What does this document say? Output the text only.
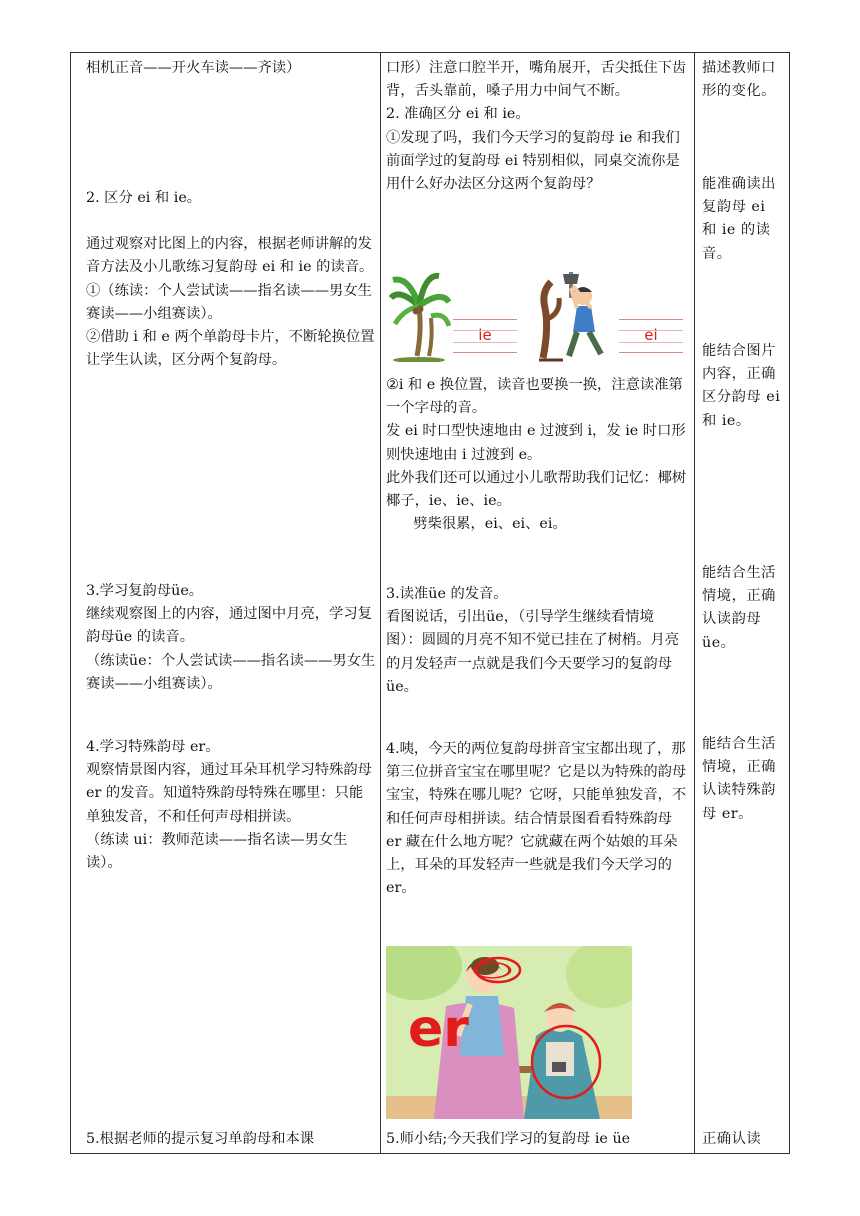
相机正音——开火车读——齐读）

2. 区分 ei 和 ie。

通过观察对比图上的内容，根据老师讲解的发音方法及小儿歌练习复韵母 ei 和 ie 的读音。

①（练读：个人尝试读——指名读——男女生赛读——小组赛读）。

②借助 i 和 e 两个单韵母卡片，不断轮换位置让学生认读，区分两个复韵母。

3.学习复韵母üe。

继续观察图上的内容，通过图中月亮，学习复韵母üe 的读音。

（练读üe：个人尝试读——指名读——男女生赛读——小组赛读）。

4.学习特殊韵母 er。

观察情景图内容，通过耳朵耳机学习特殊韵母 er 的发音。知道特殊韵母特殊在哪里：只能单独发音，不和任何声母相拼读。

（练读 ui：教师范读——指名读—男女生读）。

5.根据老师的提示复习单韵母和本课

口形）注意口腔半开，嘴角展开，舌尖抵住下齿背，舌头靠前，嗓子用力中间气不断。

2. 准确区分 ei 和 ie。

①发现了吗，我们今天学习的复韵母 ie 和我们前面学过的复韵母 ei 特别相似，同桌交流你是用什么好办法区分这两个复韵母？

ie	ei

②i 和 e 换位置，读音也要换一换，注意读准第一个字母的音。

发 ei 时口型快速地由 e 过渡到 i，发 ie 时口形则快速地由 i 过渡到 e。

此外我们还可以通过小儿歌帮助我们记忆：椰树椰子，ie、ie、ie。

劈柴很累，ei、ei、ei。

3.读准üe 的发音。

看图说话，引出üe，（引导学生继续看情境图）：圆圆的月亮不知不觉已挂在了树梢。月亮的月发轻声一点就是我们今天要学习的复韵母üe。

4.咦，今天的两位复韵母拼音宝宝都出现了，那第三位拼音宝宝在哪里呢？它是以为特殊的韵母宝宝，特殊在哪儿呢？它呀，只能单独发音，不和任何声母相拼读。结合情景图看看特殊韵母 er 藏在什么地方呢？它就藏在两个姑娘的耳朵上，耳朵的耳发轻声一些就是我们今天学习的 er。

er

5.师小结;今天我们学习的复韵母 ie üe

描述教师口形的变化。

能准确读出复韵母 ei 和 ie 的读音。

能结合图片内容，正确区分韵母 ei 和 ie。

能结合生活情境，正确认读韵母üe。

能结合生活情境，正确认读特殊韵母 er。

正确认读
